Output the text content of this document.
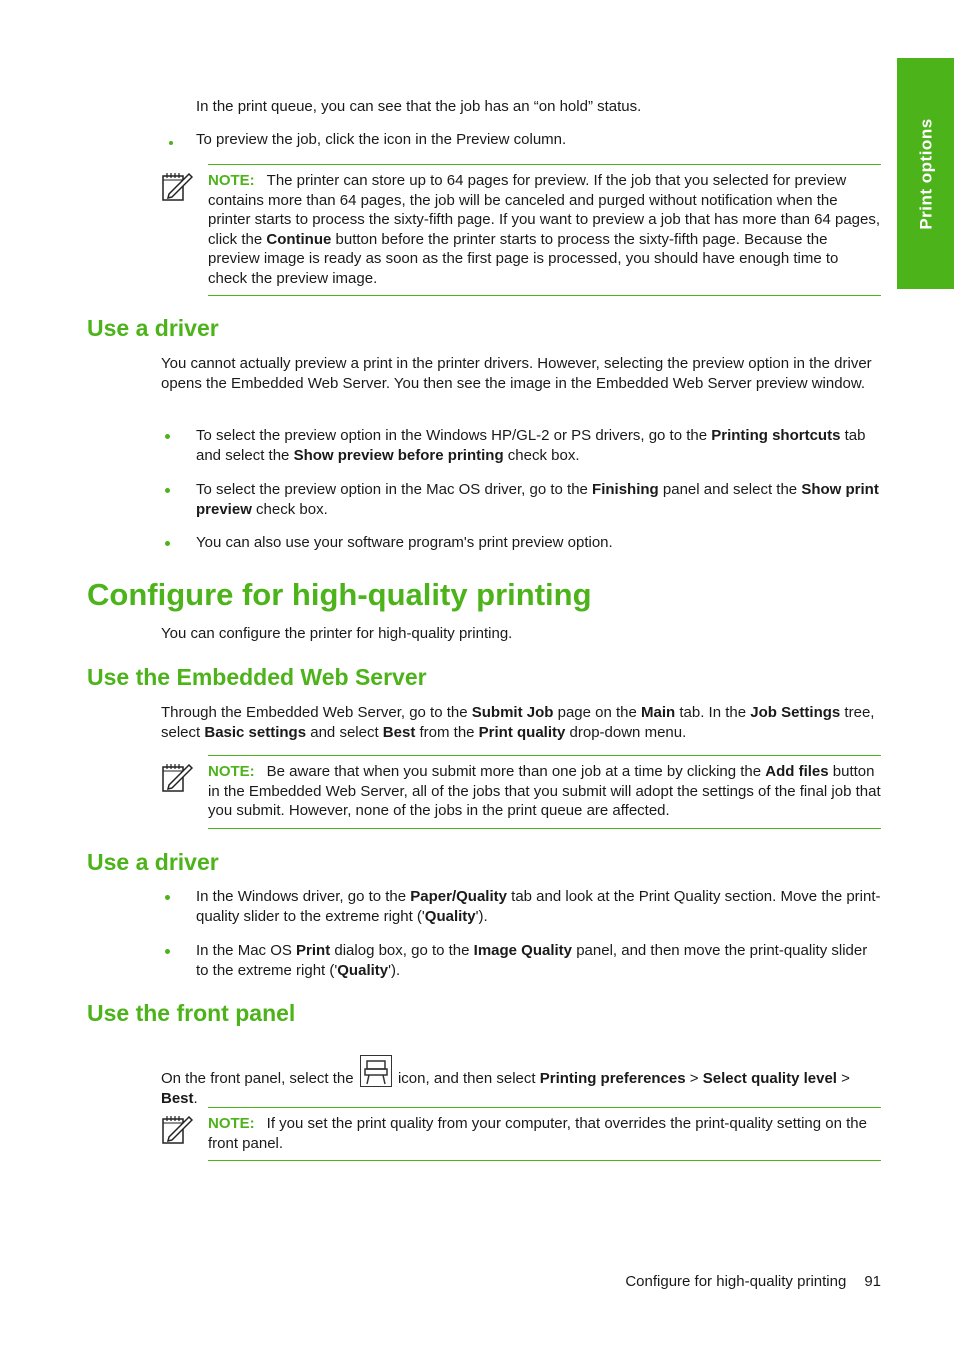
Print options

In the print queue, you can see that the job has an “on hold” status.

To preview the job, click the icon in the Preview column.

NOTE: The printer can store up to 64 pages for preview. If the job that you selected for preview contains more than 64 pages, the job will be canceled and purged without notification when the printer starts to process the sixty-fifth page. If you want to preview a job that has more than 64 pages, click the Continue button before the printer starts to process the sixty-fifth page. Because the preview image is ready as soon as the first page is processed, you should have enough time to check the preview image.

Use a driver

You cannot actually preview a print in the printer drivers. However, selecting the preview option in the driver opens the Embedded Web Server. You then see the image in the Embedded Web Server preview window.

To select the preview option in the Windows HP/GL-2 or PS drivers, go to the Printing shortcuts tab and select the Show preview before printing check box.

To select the preview option in the Mac OS driver, go to the Finishing panel and select the Show print preview check box.

You can also use your software program's print preview option.

Configure for high-quality printing

You can configure the printer for high-quality printing.

Use the Embedded Web Server

Through the Embedded Web Server, go to the Submit Job page on the Main tab. In the Job Settings tree, select Basic settings and select Best from the Print quality drop-down menu.

NOTE: Be aware that when you submit more than one job at a time by clicking the Add files button in the Embedded Web Server, all of the jobs that you submit will adopt the settings of the final job that you submit. However, none of the jobs in the print queue are affected.

Use a driver

In the Windows driver, go to the Paper/Quality tab and look at the Print Quality section. Move the print-quality slider to the extreme right ('Quality').

In the Mac OS Print dialog box, go to the Image Quality panel, and then move the print-quality slider to the extreme right ('Quality').

Use the front panel

On the front panel, select the
icon, and then select Printing preferences > Select quality level > Best.

NOTE: If you set the print quality from your computer, that overrides the print-quality setting on the front panel.

Configure for high-quality printing 91
